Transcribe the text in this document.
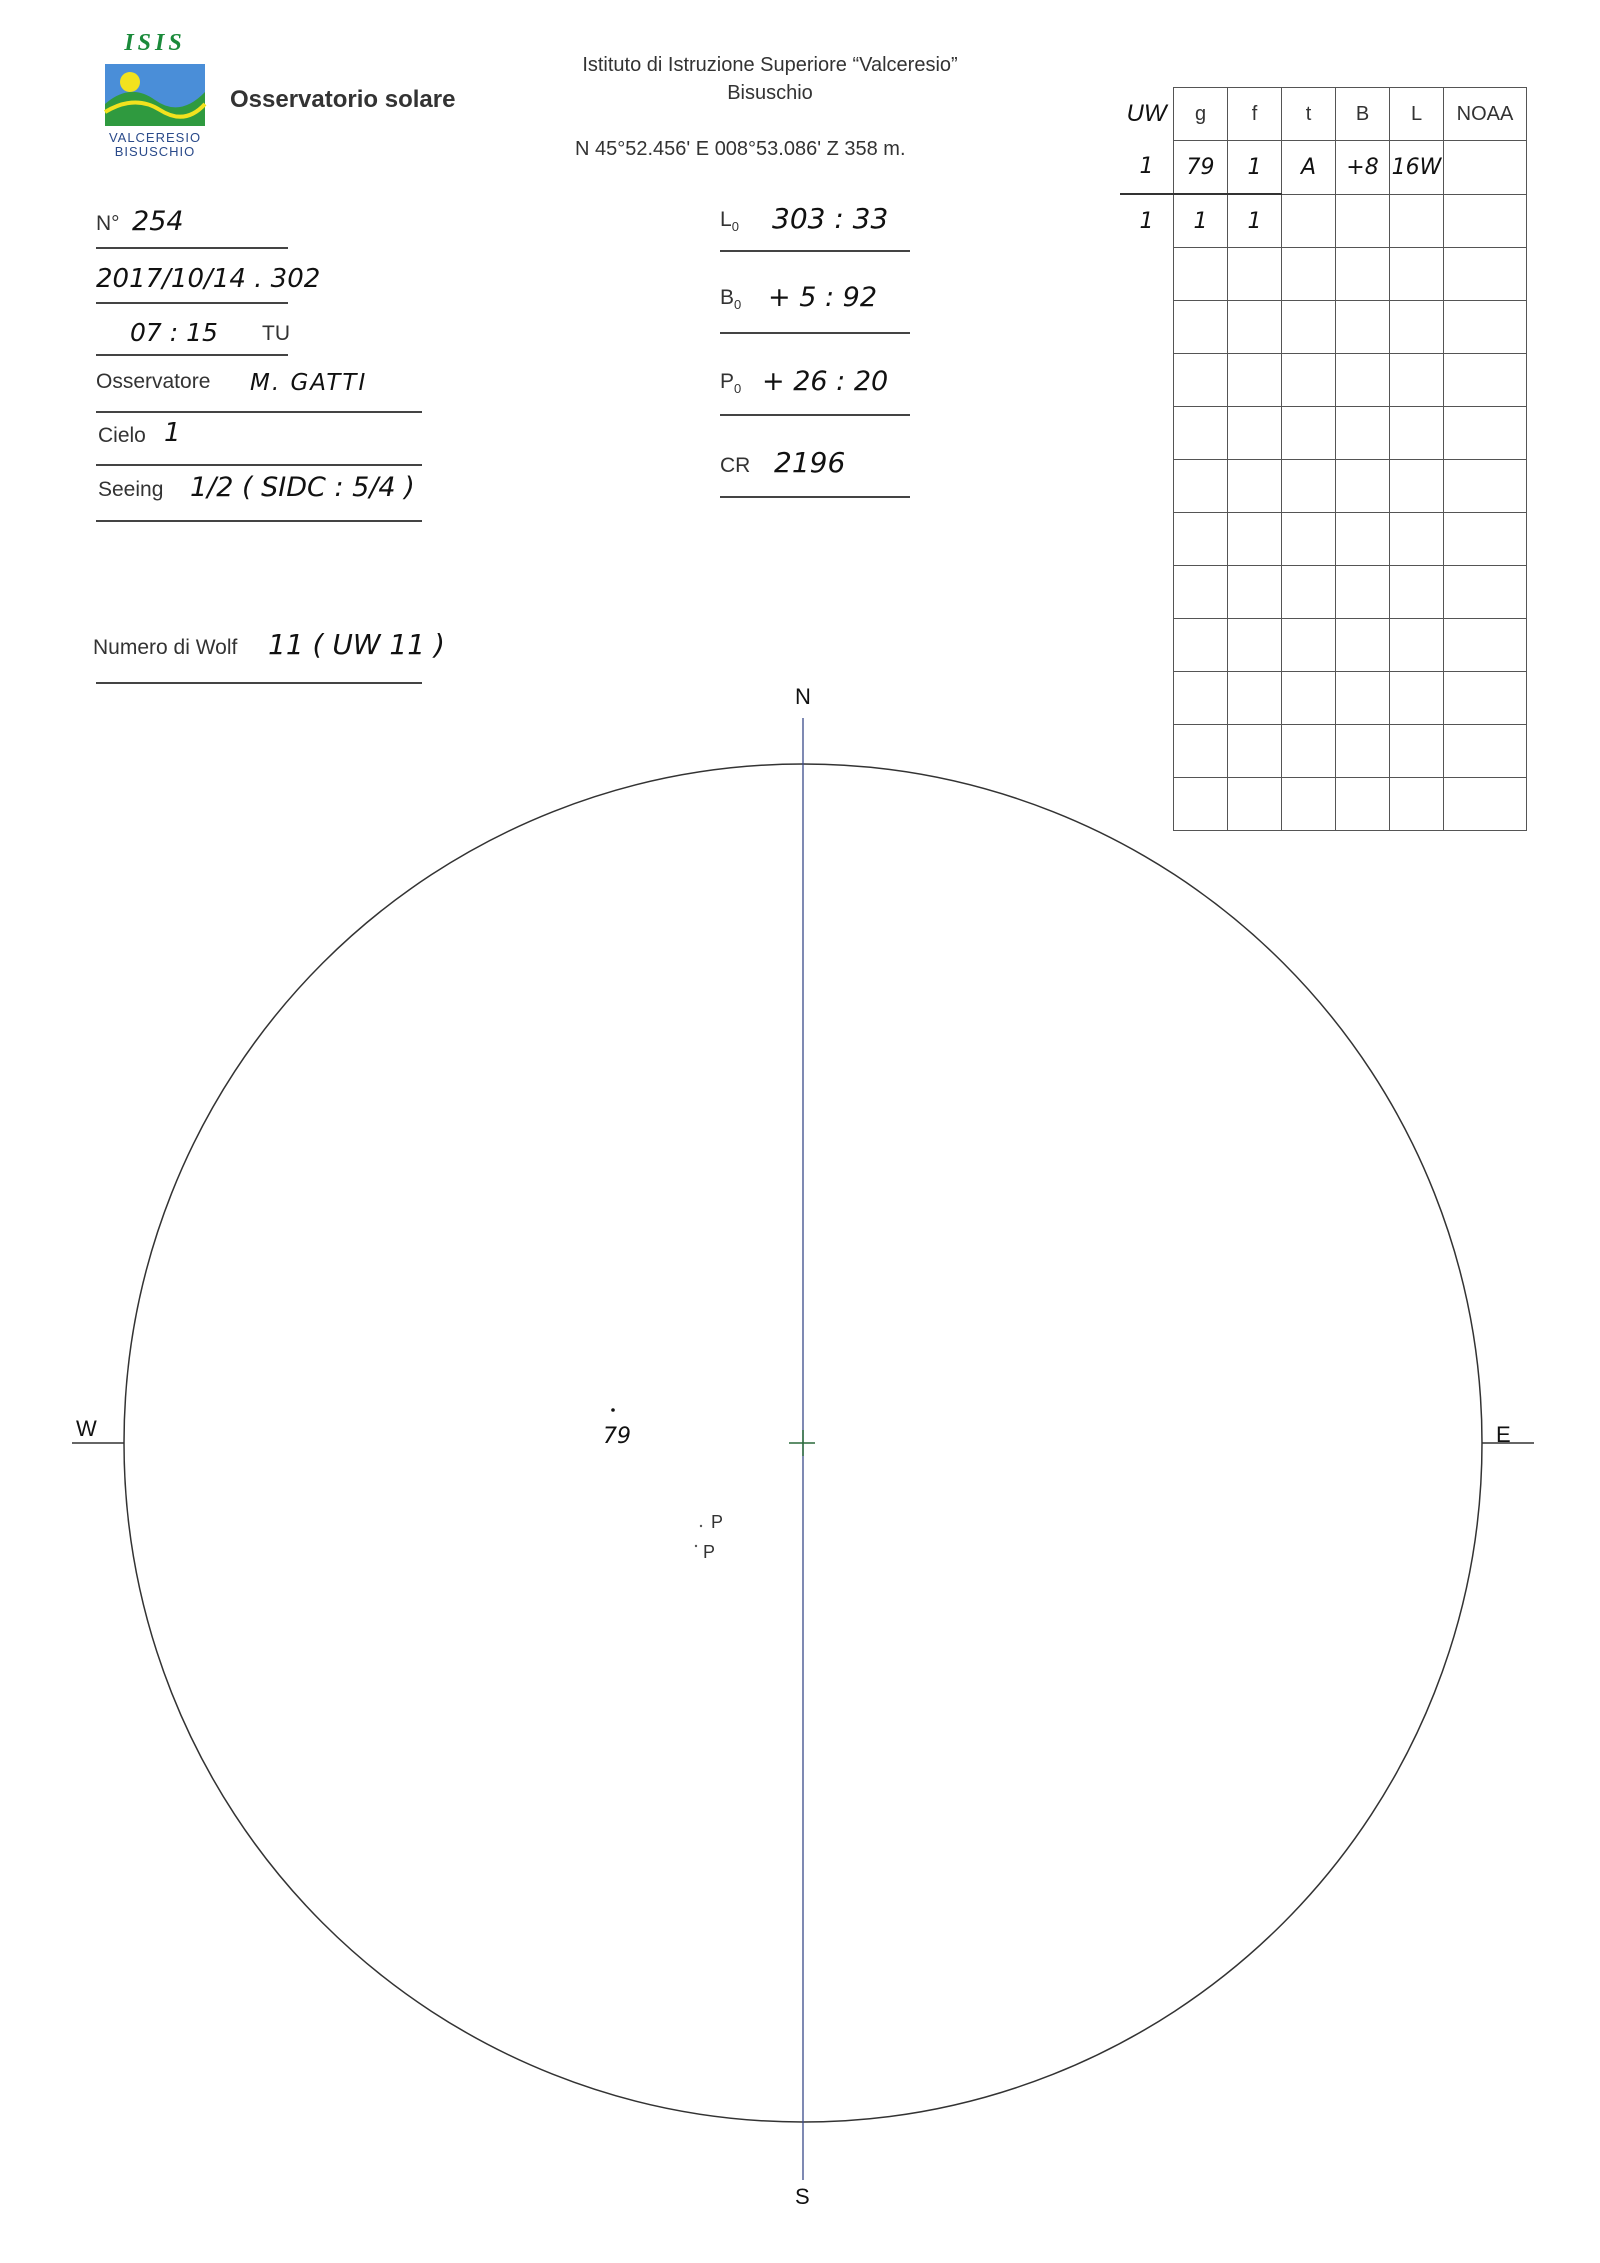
ISIS
VALCERESIO
BISUSCHIO
Osservatorio solare
Istituto di Istruzione Superiore “Valceresio”
Bisuschio
N 45°52.456' E 008°53.086' Z 358 m.
N° 254
2017/10/14 . 302
07 : 15 TU
Osservatore M. GATTI
Cielo 1
Seeing 1/2 ( SIDC : 5/4 )
Numero di Wolf 11 ( UW 11 )
$L_0$ 303 : 33
$B_0 + 5$ : 92
$P_0 + 26$ : 20
CR 2196
UW	g	f	t	B	L	NOAA
1	79	1	A	+8	16W	
1	1	1				

N
S
W	E
79
P
P
